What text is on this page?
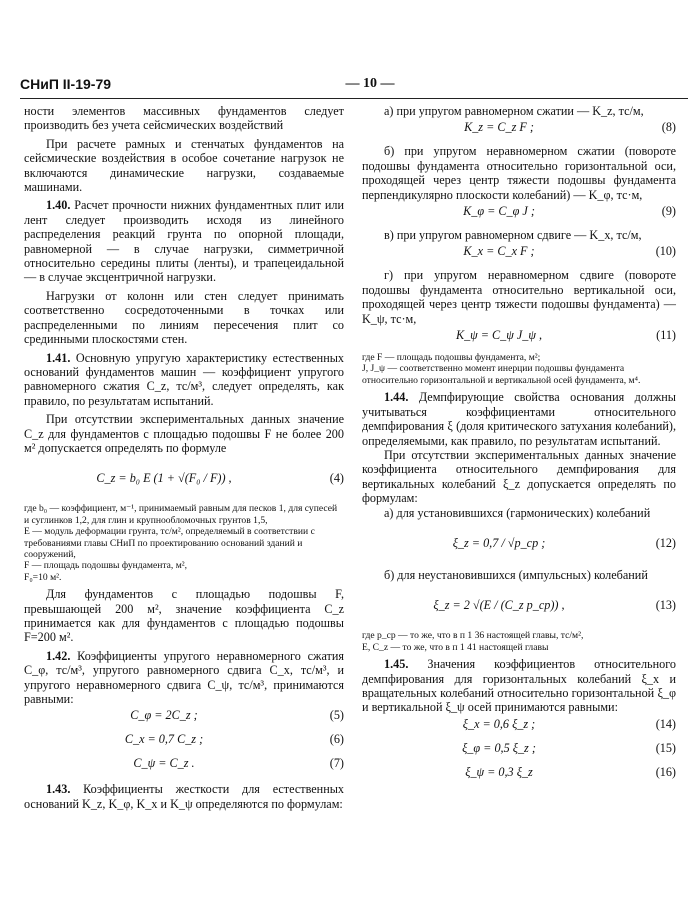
СНиП II-19-79	— 10 —

ности элементов массивных фундаментов следует производить без учета сейсмических воздействий

При расчете рамных и стенчатых фундаментов на сейсмические воздействия в особое сочетание нагрузок не включаются динамические нагрузки, создаваемые машинами.

1.40. Расчет прочности нижних фундаментных плит или лент следует производить исходя из линейного распределения реакций грунта по опорной площади, равномерной — в случае нагрузки, симметричной относительно середины плиты (ленты), и трапецеидальной — в случае эксцентричной нагрузки.

Нагрузки от колонн или стен следует принимать соответственно сосредоточенными в точках или распределенными по линиям пересечения плит со срединными плоскостями стен.

1.41. Основную упругую характеристику естественных оснований фундаментов машин — коэффициент упругого равномерного сжатия C_z, тс/м³, следует определять, как правило, по результатам испытаний.

При отсутствии экспериментальных данных значение C_z для фундаментов с площадью подошвы F не более 200 м² допускается определять по формуле

C_z = b₀ E (1 + √(F₀ / F)) ,	(4)

где b₀ — коэффициент, м⁻¹, принимаемый равным для песков 1, для супесей и суглинков 1,2, для глин и крупнообломочных грунтов 1,5,

E — модуль деформации грунта, тс/м², определяемый в соответствии с требованиями главы СНиП по проектированию оснований зданий и сооружений,

F — площадь подошвы фундамента, м²,

F₀=10 м².

Для фундаментов с площадью подошвы F, превышающей 200 м², значение коэффициента C_z принимается как для фундаментов с площадью подошвы F=200 м².

1.42. Коэффициенты упругого неравномерного сжатия C_φ, тс/м³, упругого равномерного сдвига C_x, тс/м³, и упругого неравномерного сдвига C_ψ, тс/м³, принимаются равными:

C_φ = 2C_z ;	(5)
C_x = 0,7 C_z ;	(6)
C_ψ = C_z .	(7)

1.43. Коэффициенты жесткости для естественных оснований K_z, K_φ, K_x и K_ψ определяются по формулам:

а) при упругом равномерном сжатии — K_z, тс/м,

K_z = C_z F ;	(8)

б) при упругом неравномерном сжатии (повороте подошвы фундамента относительно горизонтальной оси, проходящей через центр тяжести подошвы фундамента перпендикулярно плоскости колебаний) — K_φ, тс·м,

K_φ = C_φ J ;	(9)

в) при упругом равномерном сдвиге — K_x, тс/м,

K_x = C_x F ;	(10)

г) при упругом неравномерном сдвиге (повороте подошвы фундамента относительно вертикальной оси, проходящей через центр тяжести подошвы фундамента) — K_ψ, тс·м,

K_ψ = C_ψ J_ψ ,	(11)

где F — площадь подошвы фундамента, м²;

J, J_ψ — соответственно момент инерции подошвы фундамента относительно горизонтальной и вертикальной осей фундамента, м⁴.

1.44. Демпфирующие свойства основания должны учитываться коэффициентами относительного демпфирования ξ (доля критического затухания колебаний), определяемыми, как правило, по результатам испытаний.

При отсутствии экспериментальных данных значение коэффициента относительного демпфирования для вертикальных колебаний ξ_z допускается определять по формулам:

а) для установившихся (гармонических) колебаний

ξ_z = 0,7 / √p_ср ;	(12)

б) для неустановившихся (импульсных) колебаний

ξ_z = 2 √(E / (C_z p_ср)) ,	(13)

где p_ср — то же, что в п 1 36 настоящей главы, тс/м²,

E, C_z — то же, что в п 1 41 настоящей главы

1.45. Значения коэффициентов относительного демпфирования для горизонтальных колебаний ξ_x и вращательных колебаний относительно горизонтальной ξ_φ и вертикальной ξ_ψ осей принимаются равными:

ξ_x = 0,6 ξ_z ;	(14)
ξ_φ = 0,5 ξ_z ;	(15)
ξ_ψ = 0,3 ξ_z	(16)
